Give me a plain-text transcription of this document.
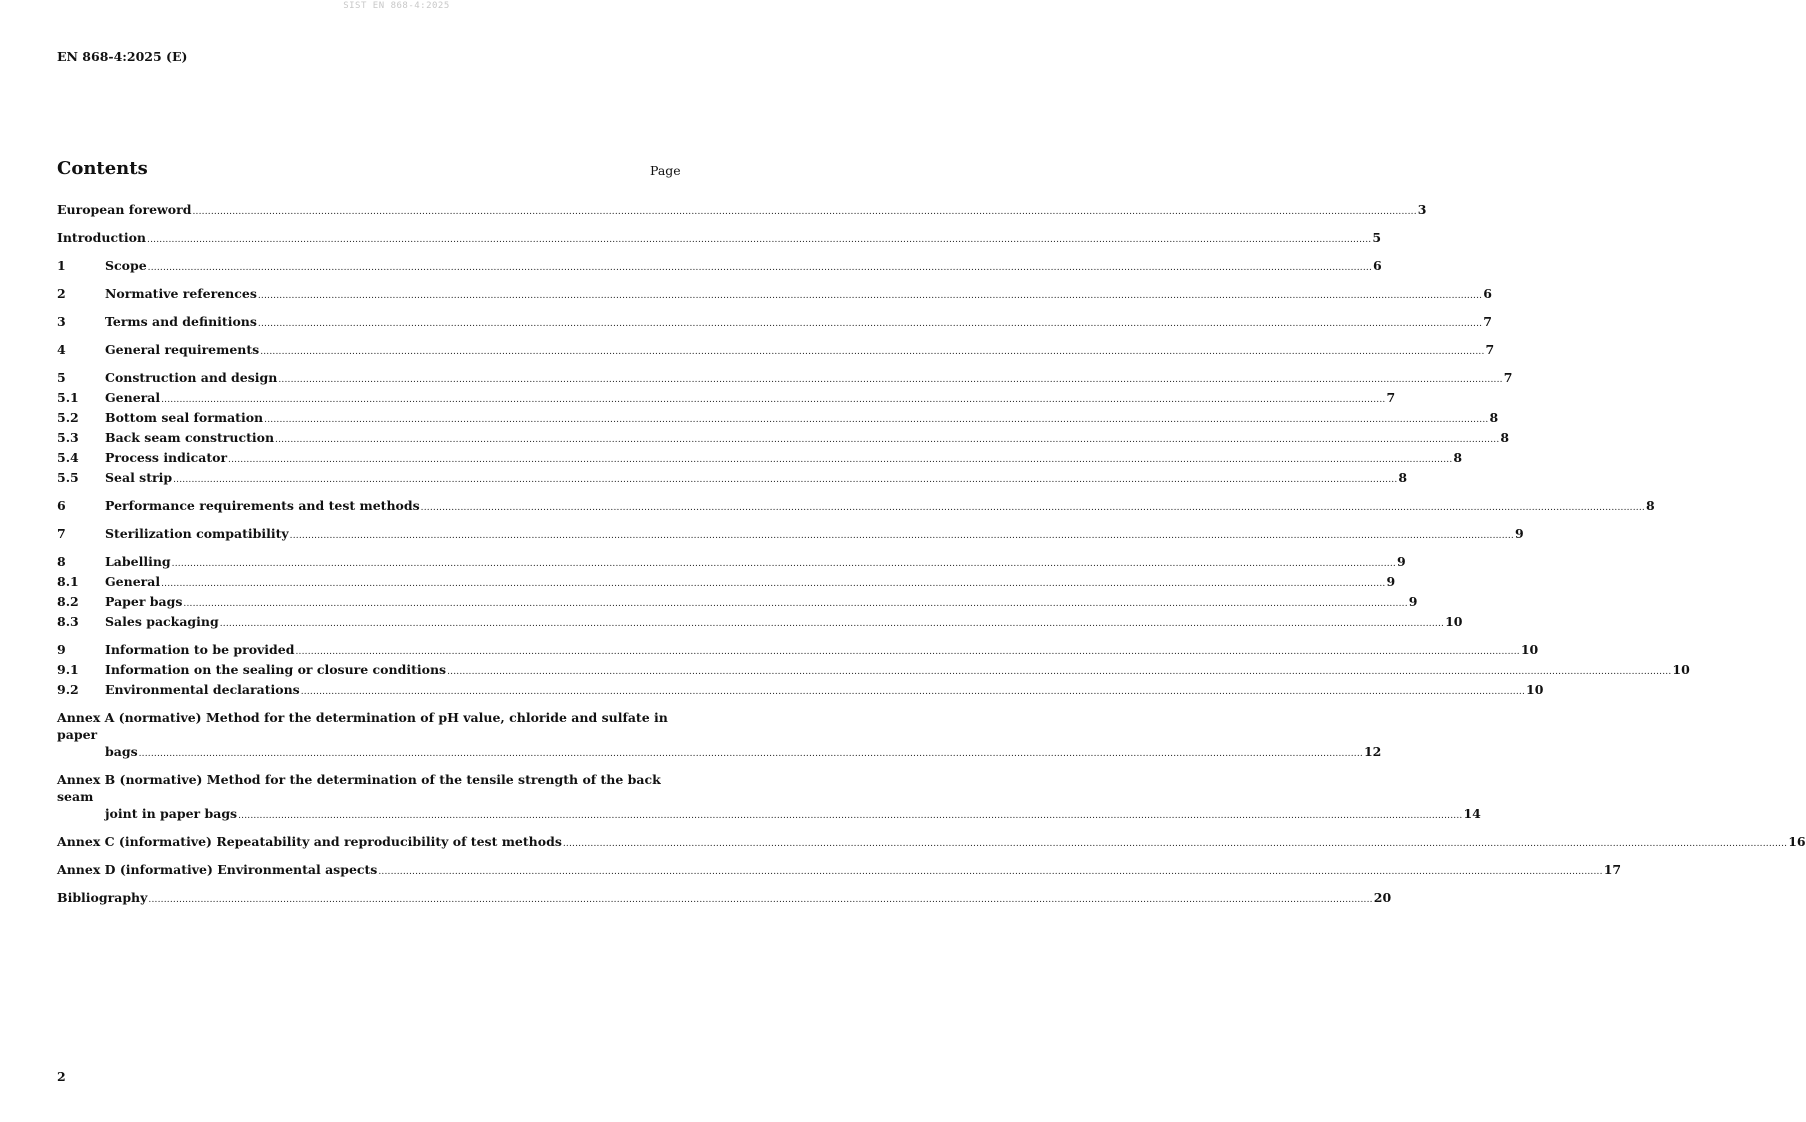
SIST EN 868-4:2025
EN 868-4:2025 (E)
Contents	Page
European foreword ................................................................................................................................................................................................................................................................................................................................................................................................................ 3
Introduction ................................................................................................................................................................................................................................................................................................................................................................................................................ 5
1	Scope ................................................................................................................................................................................................................................................................................................................................................................................................................ 6
2	Normative references ................................................................................................................................................................................................................................................................................................................................................................................................................ 6
3	Terms and definitions ................................................................................................................................................................................................................................................................................................................................................................................................................ 7
4	General requirements ................................................................................................................................................................................................................................................................................................................................................................................................................ 7
5	Construction and design ................................................................................................................................................................................................................................................................................................................................................................................................................ 7
5.1	General ................................................................................................................................................................................................................................................................................................................................................................................................................ 7
5.2	Bottom seal formation ................................................................................................................................................................................................................................................................................................................................................................................................................ 8
5.3	Back seam construction ................................................................................................................................................................................................................................................................................................................................................................................................................ 8
5.4	Process indicator ................................................................................................................................................................................................................................................................................................................................................................................................................ 8
5.5	Seal strip ................................................................................................................................................................................................................................................................................................................................................................................................................ 8
6	Performance requirements and test methods ................................................................................................................................................................................................................................................................................................................................................................................................................ 8
7	Sterilization compatibility ................................................................................................................................................................................................................................................................................................................................................................................................................ 9
8	Labelling ................................................................................................................................................................................................................................................................................................................................................................................................................ 9
8.1	General ................................................................................................................................................................................................................................................................................................................................................................................................................ 9
8.2	Paper bags ................................................................................................................................................................................................................................................................................................................................................................................................................ 9
8.3	Sales packaging ................................................................................................................................................................................................................................................................................................................................................................................................................ 10
9	Information to be provided ................................................................................................................................................................................................................................................................................................................................................................................................................ 10
9.1	Information on the sealing or closure conditions ................................................................................................................................................................................................................................................................................................................................................................................................................ 10
9.2	Environmental declarations ................................................................................................................................................................................................................................................................................................................................................................................................................ 10
Annex A (normative) Method for the determination of pH value, chloride and sulfate in paper
bags ................................................................................................................................................................................................................................................................................................................................................................................................................ 12
Annex B (normative) Method for the determination of the tensile strength of the back seam
joint in paper bags ................................................................................................................................................................................................................................................................................................................................................................................................................ 14
Annex C (informative) Repeatability and reproducibility of test methods ................................................................................................................................................................................................................................................................................................................................................................................................................ 16
Annex D (informative) Environmental aspects ................................................................................................................................................................................................................................................................................................................................................................................................................ 17
Bibliography ................................................................................................................................................................................................................................................................................................................................................................................................................ 20
2
